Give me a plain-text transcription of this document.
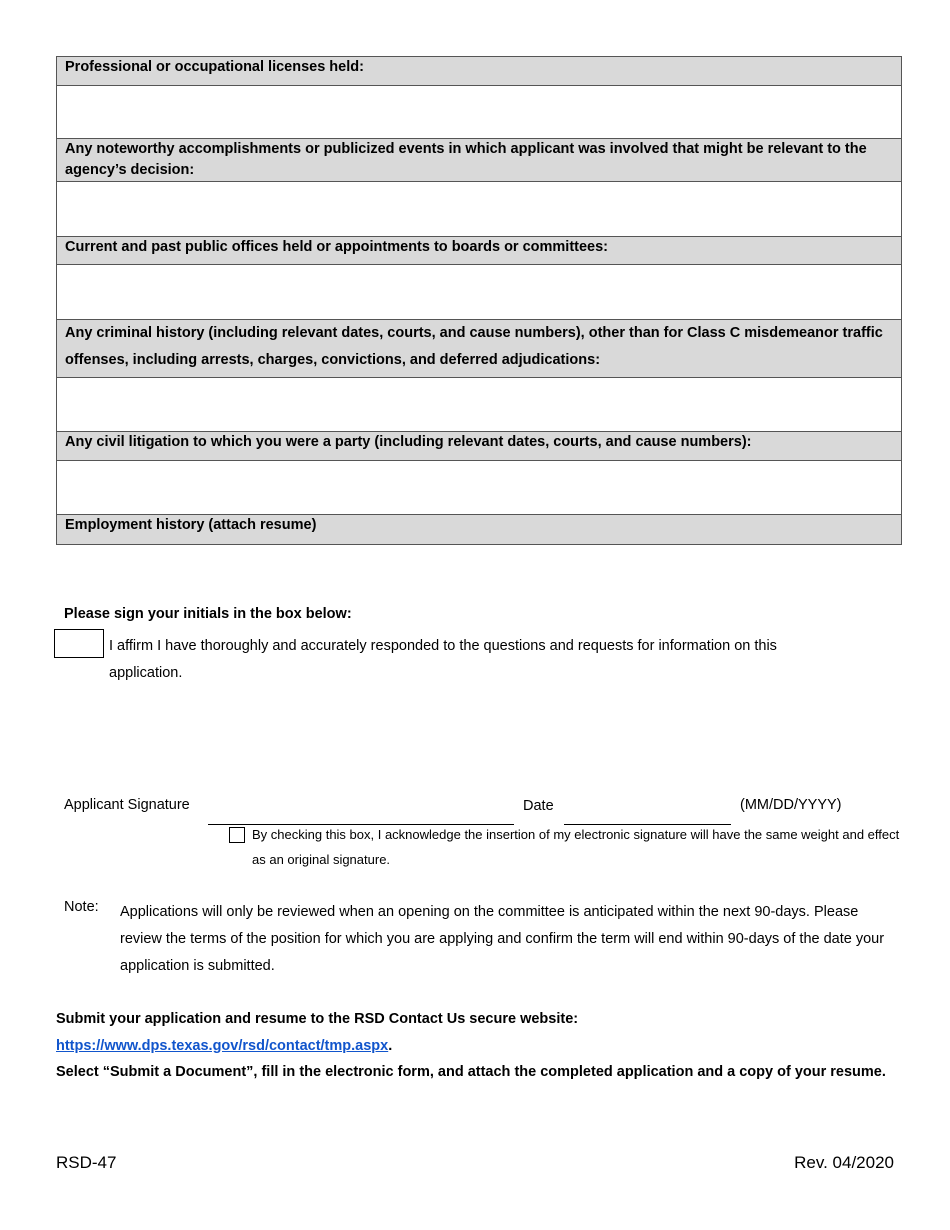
Professional or occupational licenses held:
Any noteworthy accomplishments or publicized events in which applicant was involved that might be relevant to the agency’s decision:
Current and past public offices held or appointments to boards or committees:
Any criminal history (including relevant dates, courts, and cause numbers), other than for Class C misdemeanor traffic offenses, including arrests, charges, convictions, and deferred adjudications:
Any civil litigation to which you were a party (including relevant dates, courts, and cause numbers):
Employment history (attach resume)
Please sign your initials in the box below:
I affirm I have thoroughly and accurately responded to the questions and requests for information on this application.
Applicant Signature	Date	(MM/DD/YYYY)
By checking this box, I acknowledge the insertion of my electronic signature will have the same weight and effect as an original signature.
Note: Applications will only be reviewed when an opening on the committee is anticipated within the next 90-days. Please review the terms of the position for which you are applying and confirm the term will end within 90-days of the date your application is submitted.
Submit your application and resume to the RSD Contact Us secure website:
https://www.dps.texas.gov/rsd/contact/tmp.aspx.
Select “Submit a Document”, fill in the electronic form, and attach the completed application and a copy of your resume.
RSD-47	Rev. 04/2020
